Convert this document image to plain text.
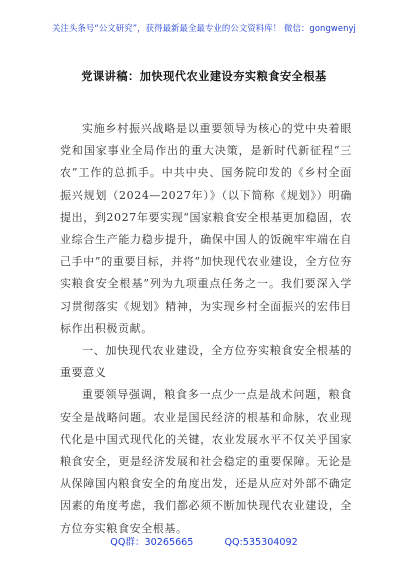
关注头条号“公文研究”，获得最新最全最专业的公文资料库！ 微信：gongwenyj
党课讲稿：加快现代农业建设夯实粮食安全根基

实施乡村振兴战略是以重要领导为核心的党中央着眼党和国家事业全局作出的重大决策，是新时代新征程“三农”工作的总抓手。中共中央、国务院印发的《乡村全面振兴规划（2024—2027年）》（以下简称《规划》）明确提出，到2027年要实现“国家粮食安全根基更加稳固，农业综合生产能力稳步提升，确保中国人的饭碗牢牢端在自己手中”的重要目标，并将“加快现代农业建设，全方位夯实粮食安全根基”列为九项重点任务之一。我们要深入学习贯彻落实《规划》精神，为实现乡村全面振兴的宏伟目标作出积极贡献。

一、加快现代农业建设，全方位夯实粮食安全根基的重要意义

重要领导强调，粮食多一点少一点是战术问题，粮食安全是战略问题。农业是国民经济的根基和命脉，农业现代化是中国式现代化的关键，农业发展水平不仅关乎国家粮食安全，更是经济发展和社会稳定的重要保障。无论是从保障国内粮食安全的角度出发，还是从应对外部不确定因素的角度考虑，我们都必须不断加快现代农业建设，全方位夯实粮食安全根基。

QQ群：30265665	QQ:535304092
